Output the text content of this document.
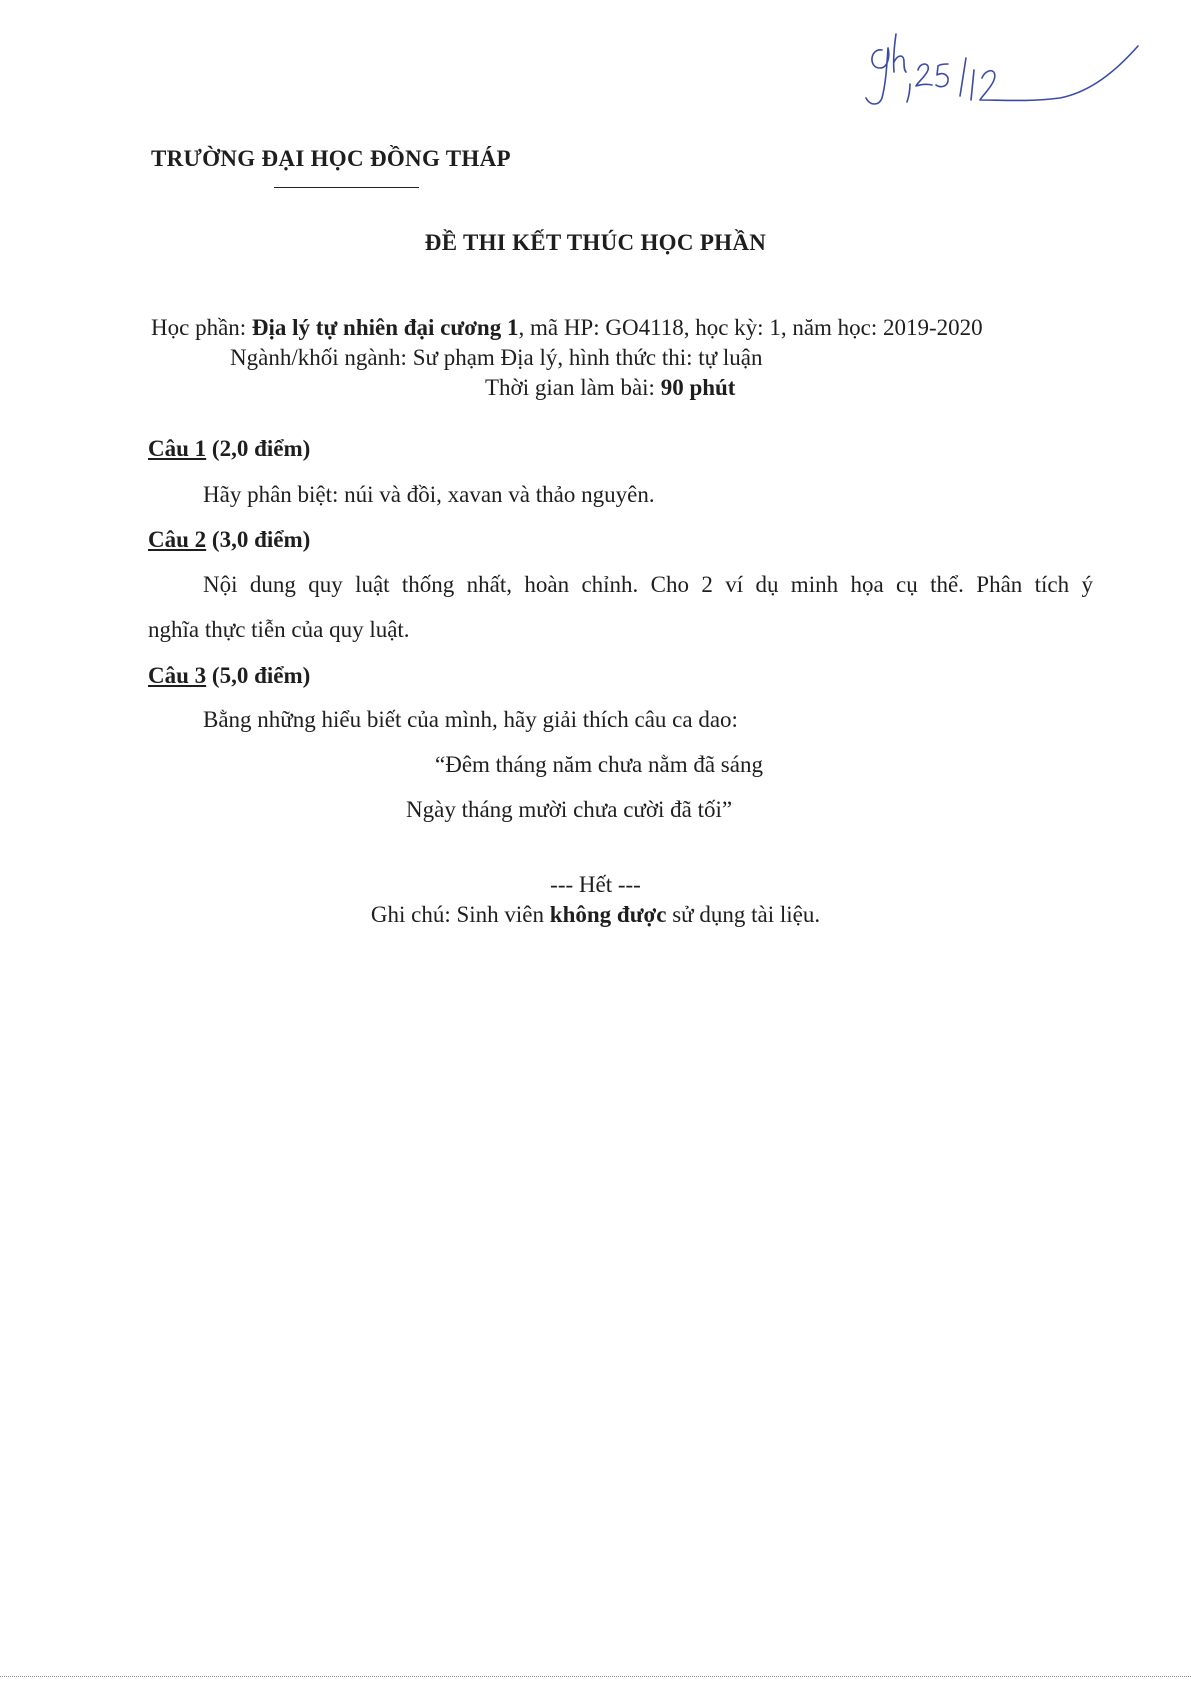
TRƯỜNG ĐẠI HỌC ĐỒNG THÁP
ĐỀ THI KẾT THÚC HỌC PHẦN
Học phần: Địa lý tự nhiên đại cương 1, mã HP: GO4118, học kỳ: 1, năm học: 2019-2020
Ngành/khối ngành: Sư phạm Địa lý, hình thức thi: tự luận
Thời gian làm bài: 90 phút
Câu 1 (2,0 điểm)
Hãy phân biệt: núi và đồi, xavan và thảo nguyên.
Câu 2 (3,0 điểm)
Nội dung quy luật thống nhất, hoàn chỉnh. Cho 2 ví dụ minh họa cụ thể. Phân tích ý
nghĩa thực tiễn của quy luật.
Câu 3 (5,0 điểm)
Bằng những hiểu biết của mình, hãy giải thích câu ca dao:
“Đêm tháng năm chưa nằm đã sáng
Ngày tháng mười chưa cười đã tối”
--- Hết ---
Ghi chú: Sinh viên không được sử dụng tài liệu.
